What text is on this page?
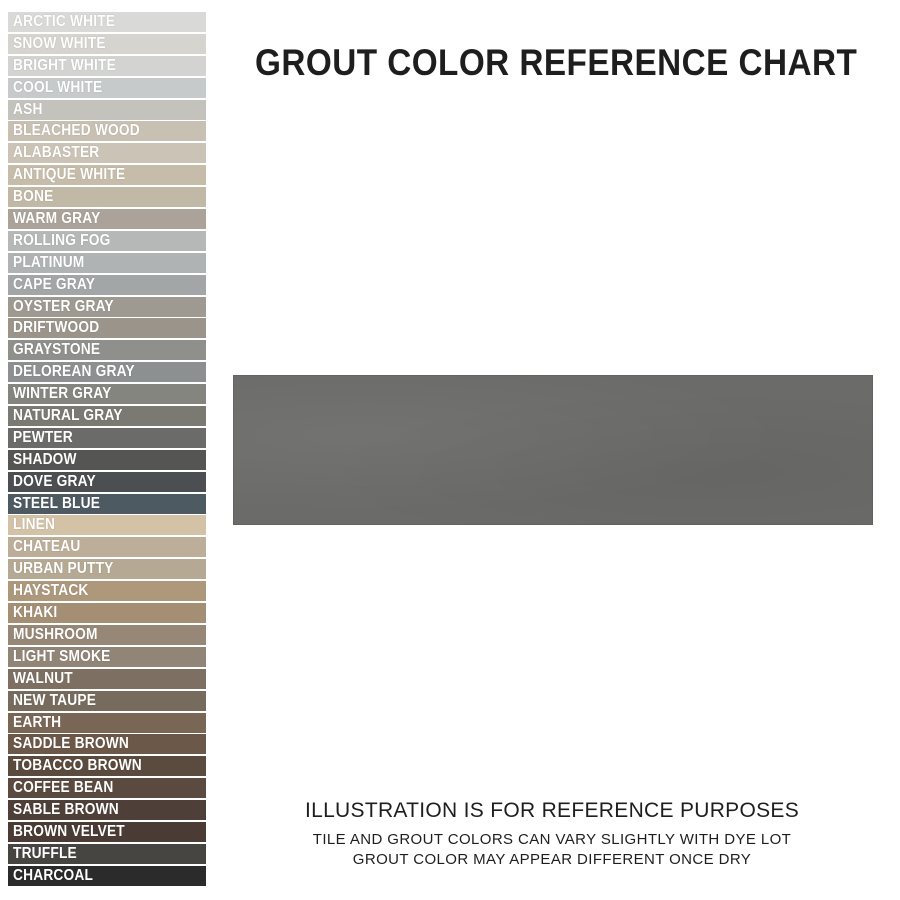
ARCTIC WHITE
SNOW WHITE
BRIGHT WHITE
COOL WHITE
ASH
BLEACHED WOOD
ALABASTER
ANTIQUE WHITE
BONE
WARM GRAY
ROLLING FOG
PLATINUM
CAPE GRAY
OYSTER GRAY
DRIFTWOOD
GRAYSTONE
DELOREAN GRAY
WINTER GRAY
NATURAL GRAY
PEWTER
SHADOW
DOVE GRAY
STEEL BLUE
LINEN
CHATEAU
URBAN PUTTY
HAYSTACK
KHAKI
MUSHROOM
LIGHT SMOKE
WALNUT
NEW TAUPE
EARTH
SADDLE BROWN
TOBACCO BROWN
COFFEE BEAN
SABLE BROWN
BROWN VELVET
TRUFFLE
CHARCOAL
GROUT COLOR REFERENCE CHART

ILLUSTRATION IS FOR REFERENCE PURPOSES

TILE AND GROUT COLORS CAN VARY SLIGHTLY WITH DYE LOT

GROUT COLOR MAY APPEAR DIFFERENT ONCE DRY
